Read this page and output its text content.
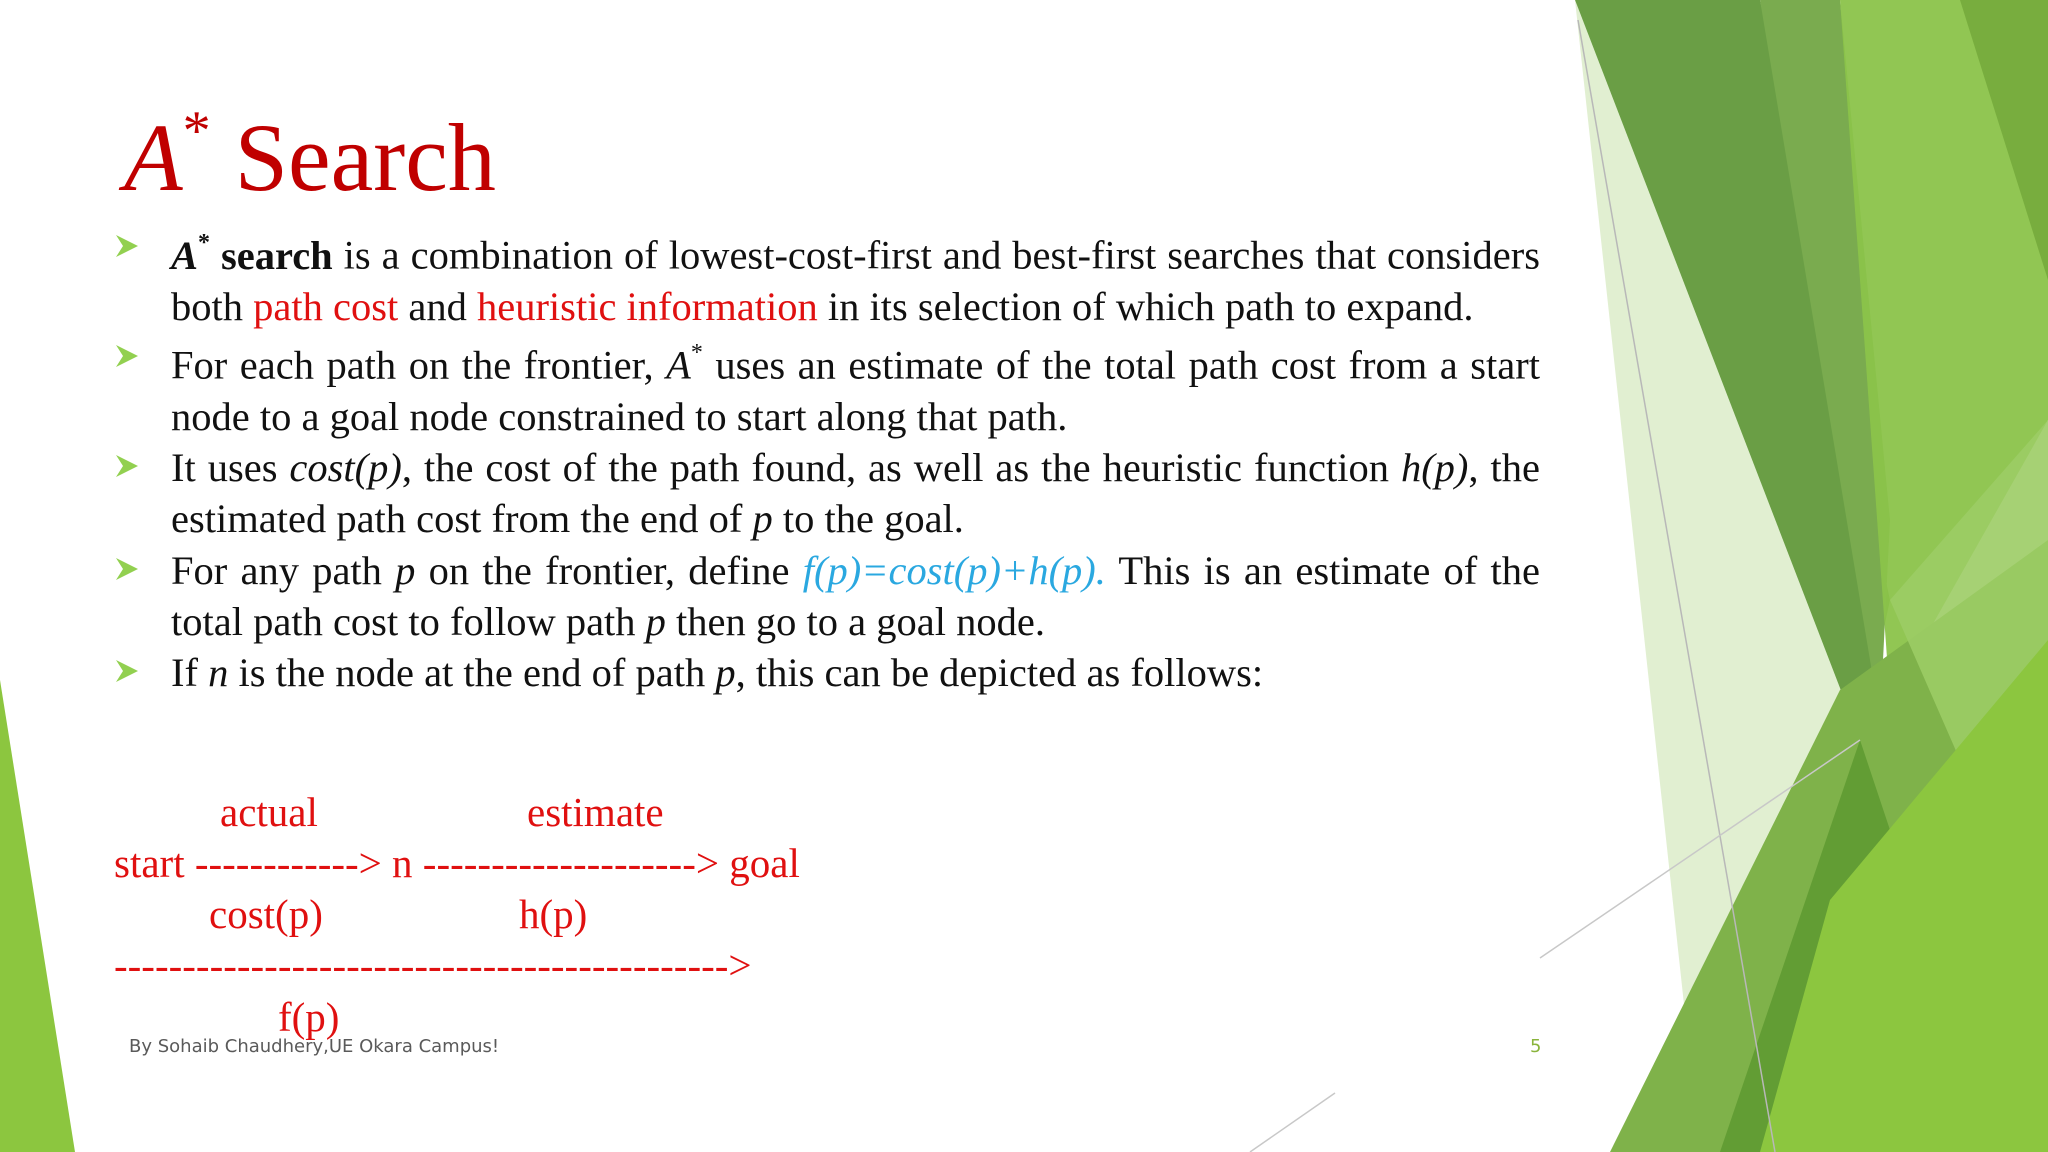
A* Search
A* search is a combination of lowest-cost-first and best-first searches that considers both path cost and heuristic information in its selection of which path to expand.
For each path on the frontier, A* uses an estimate of the total path cost from a start node to a goal node constrained to start along that path.
It uses cost(p), the cost of the path found, as well as the heuristic function h(p), the estimated path cost from the end of p to the goal.
For any path p on the frontier, define f(p)=cost(p)+h(p). This is an estimate of the total path cost to follow path p then go to a goal node.
If n is the node at the end of path p, this can be depicted as follows:
actual	estimate
start ------------> n --------------------> goal
cost(p)	h(p)
--------------------------------------------->
f(p)
By Sohaib Chaudhery,UE Okara Campus!	5
